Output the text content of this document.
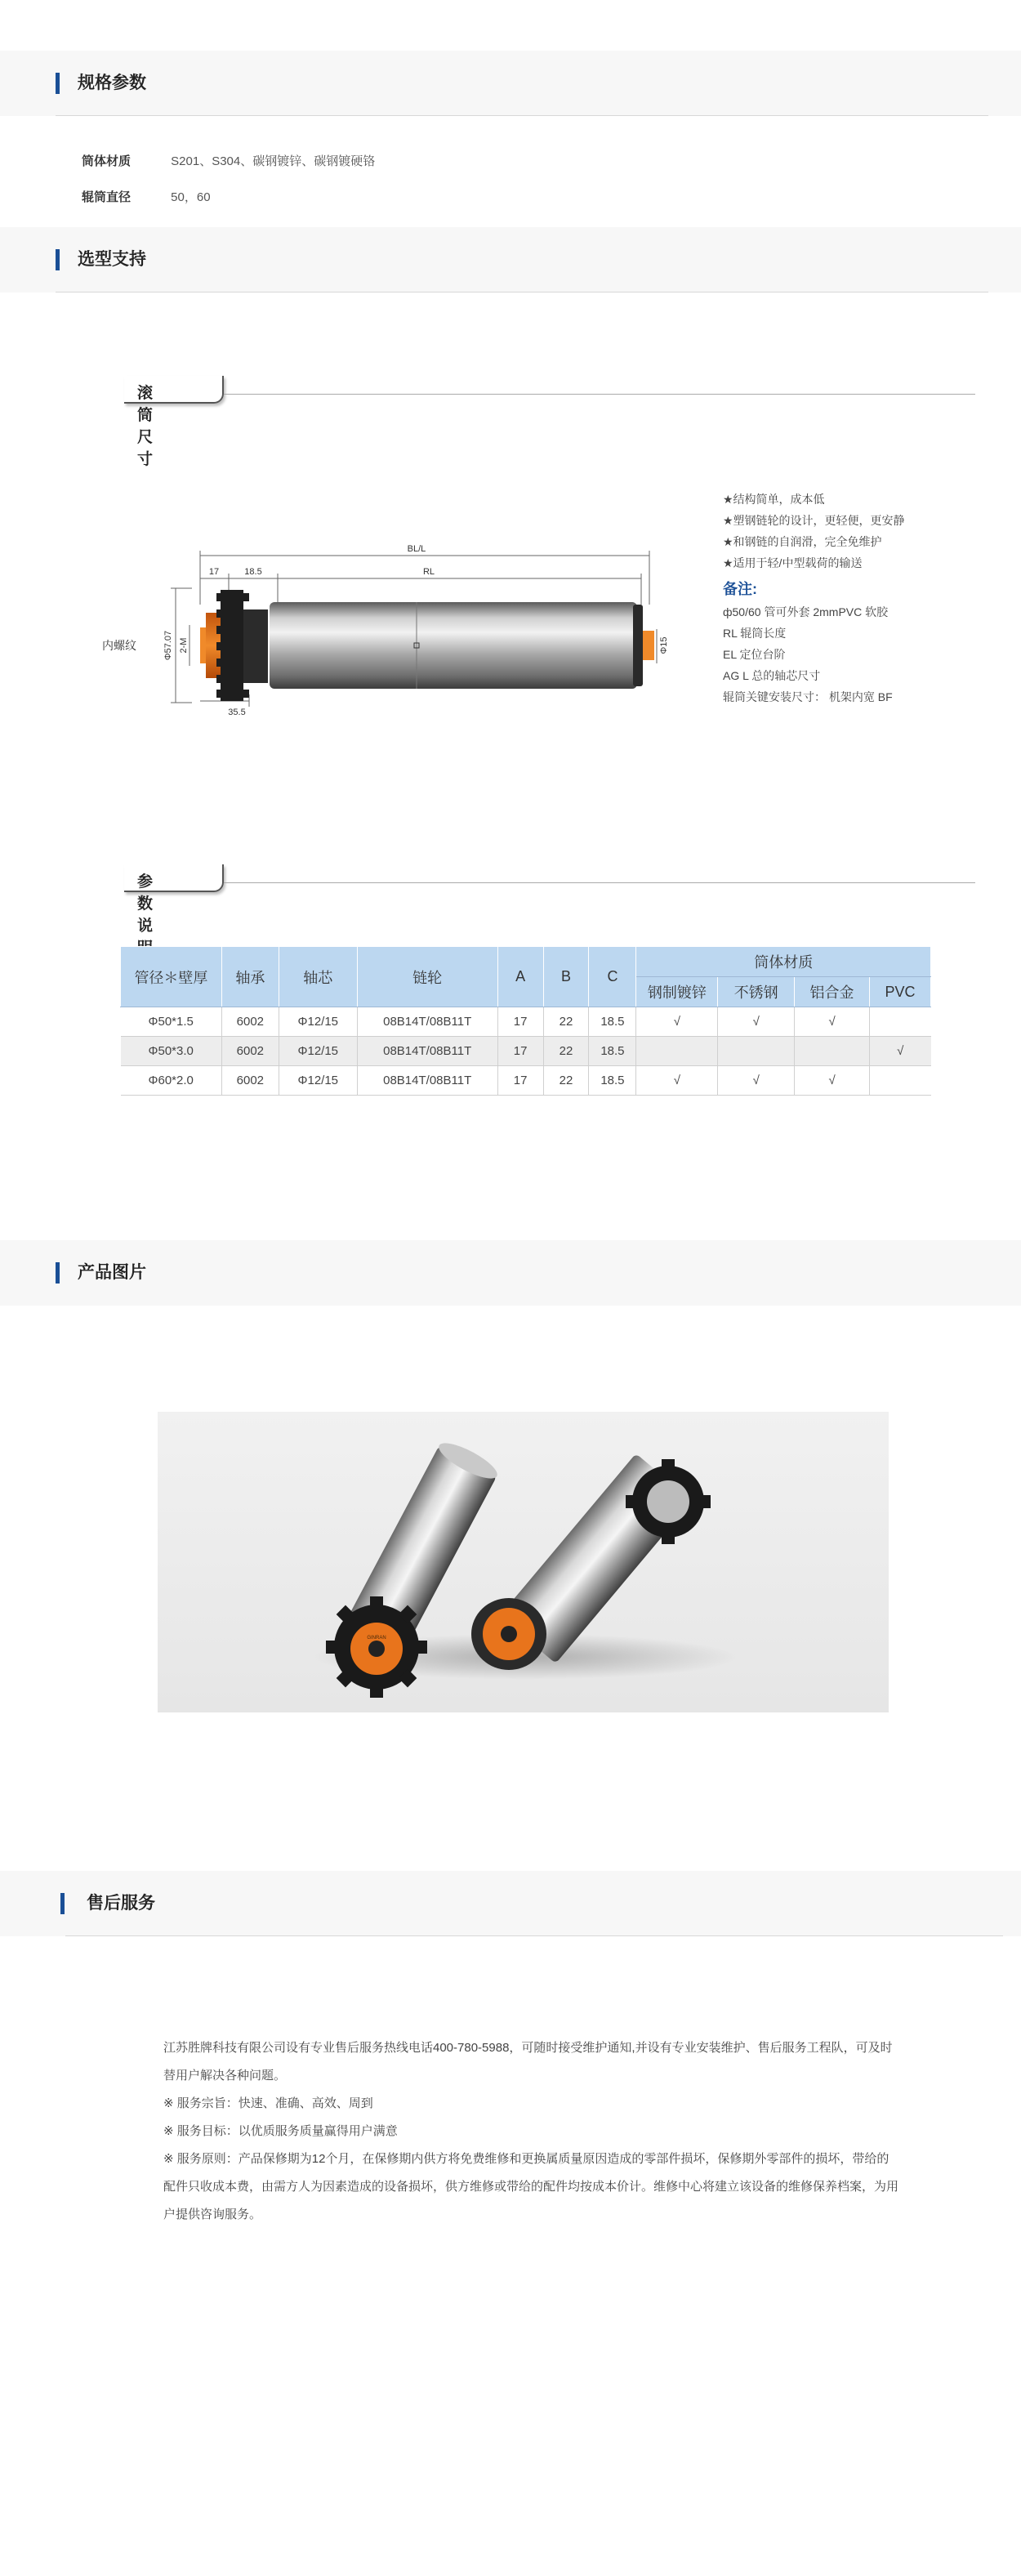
规格参数
筒体材质	S201、S304、碳钢镀锌、碳钢镀硬铬
辊筒直径	50，60
选型支持
滚筒尺寸
BL/L
RL
17	18.5
35.5
Φ57.07 2-M	Φ15
内螺纹
★结构简单，成本低
★塑钢链轮的设计，更轻便，更安静
★和钢链的自润滑，完全免维护
★适用于轻/中型载荷的输送
备注:
ф50/60 管可外套 2mmPVC 软胶
RL 辊筒长度
EL 定位台阶
AG L 总的轴芯尺寸
辊筒关键安装尺寸： 机架内宽 BF
参数说
管径＊壁厚	轴承	轴芯	链轮	A	B	C	筒体材质			
							钢制镀锌	不锈钢	铝合金	PVC
Φ50*1.5	6002	Φ12/15	08B14T/08B11T	17	22	18.5	√	√	√	
Φ50*3.0	6002	Φ12/15	08B14T/08B11T	17	22	18.5				√
Φ60*2.0	6002	Φ12/15	08B14T/08B11T	17	22	18.5	√	√	√	
产品图片
GINRAN
售后服务

江苏胜牌科技有限公司设有专业售后服务热线电话400-780-5988，可随时接受维护通知,并设有专业安装维护、售后服务工程队，可及时替用户解决各种问题。

※ 服务宗旨：快速、准确、高效、周到

※ 服务目标：以优质服务质量赢得用户满意

※ 服务原则：产品保修期为12个月，在保修期内供方将免费维修和更换属质量原因造成的零部件损坏，保修期外零部件的损坏，带给的配件只收成本费，由需方人为因素造成的设备损坏，供方维修或带给的配件均按成本价计。维修中心将建立该设备的维修保养档案，为用户提供咨询服务。
